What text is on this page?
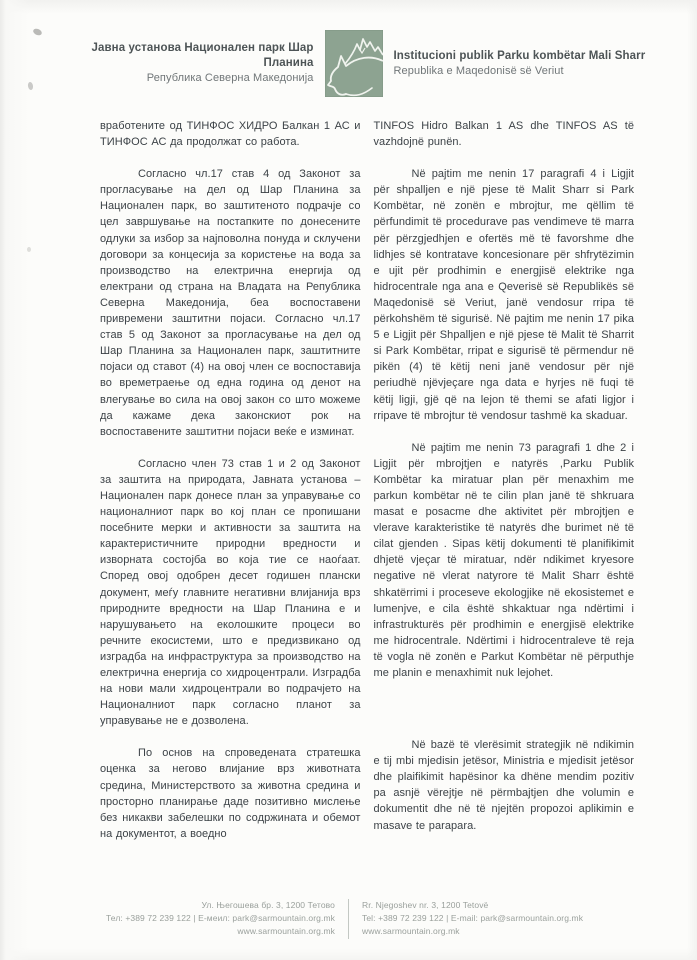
Јавна установа Национален парк Шар Планина
Република Северна Македонија
Institucioni publik Parku kombëtar Mali Sharr
Republika e Maqedonisë së Veriut

вработените од ТИНФОС ХИДРО Балкан 1 АС и ТИНФОС АС да продолжат со работа.

Согласно чл.17 став 4 од Законот за прогласување на дел од Шар Планина за Национален парк, во заштитеното подрачје со цел завршување на постапките по донесените одлуки за избор за најповолна понуда и склучени договори за концесија за користење на вода за производство на електрична енергија од електрани од страна на Владата на Република Северна Македонија, беа воспоставени привремени заштитни појаси. Согласно чл.17 став 5 од Законот за прогласување на дел од Шар Планина за Национален парк, заштитните појаси од ставот (4) на овој член се воспоставија во времетраење од една година од денот на влегување во сила на овој закон со што можеме да кажаме дека законскиот рок на воспоставените заштитни појаси веќе е изминат.

Согласно член 73 став 1 и 2 од Законот за заштита на природата, Јавната установа – Национален парк донесе план за управување со националниот парк во кој план се пропишани посебните мерки и активности за заштита на карактеристичните природни вредности и изворната состојба во која тие се наоѓаат. Според овој одобрен десет годишен плански документ, меѓу главните негативни влијанија врз природните вредности на Шар Планина е и нарушувањето на еколошките процеси во речните екосистеми, што е предизвикано од изградба на инфраструктура за производство на електрична енергија со хидроцентрали. Изградба на нови мали хидроцентрали во подрачјето на Националниот парк согласно планот за управување не е дозволена.

По основ на спроведената стратешка оценка за негово влијание врз животната средина, Министерството за животна средина и просторно планирање даде позитивно мислење без никакви забелешки по содржината и обемот на документот, а воедно

TINFOS Hidro Balkan 1 AS dhe TINFOS AS të vazhdojnë punën.

Në pajtim me nenin 17 paragrafi 4 i Ligjit për shpalljen e një pjese të Malit Sharr si Park Kombëtar, në zonën e mbrojtur, me qëllim të përfundimit të procedurave pas vendimeve të marra për përzgjedhjen e ofertës më të favorshme dhe lidhjes së kontratave koncesionare për shfrytëzimin e ujit për prodhimin e energjisë elektrike nga hidrocentrale nga ana e Qeverisë së Republikës së Maqedonisë së Veriut, janë vendosur rripa të përkohshëm të sigurisë. Në pajtim me nenin 17 pika 5 e Ligjit për Shpalljen e një pjese të Malit të Sharrit si Park Kombëtar, rripat e sigurisë të përmendur në pikën (4) të këtij neni janë vendosur për një periudhë njëvjeçare nga data e hyrjes në fuqi të këtij ligji, gjë që na lejon të themi se afati ligjor i rripave të mbrojtur të vendosur tashmë ka skaduar.

Në pajtim me nenin 73 paragrafi 1 dhe 2 i Ligjit për mbrojtjen e natyrës ,Parku Publik Kombëtar ka miratuar plan për menaxhim me parkun kombëtar në te cilin plan janë të shkruara masat e posacme dhe aktivitet për mbrojtjen e vlerave karakteristike të natyrës dhe burimet në të cilat gjenden . Sipas këtij dokumenti të planifikimit dhjetë vjeçar të miratuar, ndër ndikimet kryesore negative në vlerat natyrore të Malit Sharr është shkatërrimi i proceseve ekologjike në ekosistemet e lumenjve, e cila është shkaktuar nga ndërtimi i infrastrukturës për prodhimin e energjisë elektrike me hidrocentrale. Ndërtimi i hidrocentraleve të reja të vogla në zonën e Parkut Kombëtar në përputhje me planin e menaxhimit nuk lejohet.

Në bazë të vlerësimit strategjik në ndikimin e tij mbi mjedisin jetësor, Ministria e mjedisit jetësor dhe plaifikimit hapësinor ka dhëne mendim pozitiv pa asnjë vërejtje në përmbajtjen dhe volumin e dokumentit dhe në të njejtën propozoi aplikimin e masave te parapara.

Ул. Његошева бр. 3, 1200 Тетово
Тел: +389 72 239 122 | Е-меил: park@sarmountain.org.mk
www.sarmountain.org.mk
Rr. Njegoshev nr. 3, 1200 Tetovë
Tel: +389 72 239 122 | E-mail: park@sarmountain.org.mk
www.sarmountain.org.mk
